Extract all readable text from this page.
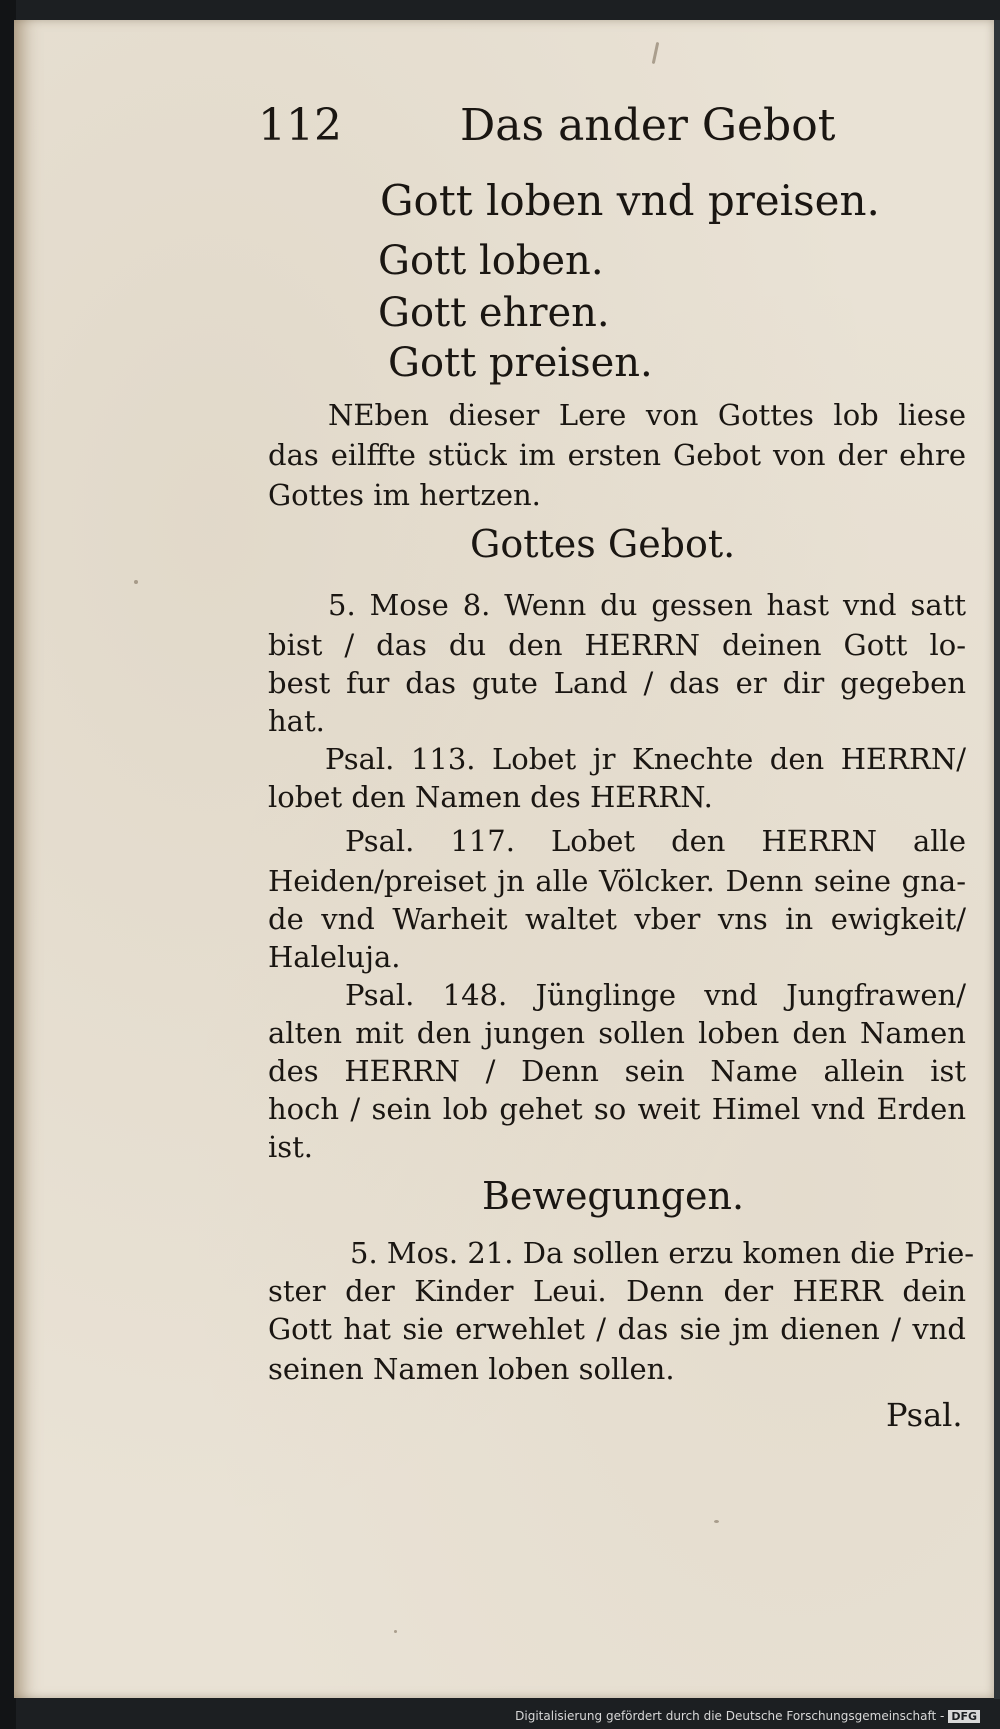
112	Das ander Gebot
Gott loben vnd preisen.
Gott loben.
Gott ehren.
Gott preisen.
NEben dieser Lere von Gottes lob liese
das eilffte stück im ersten Gebot von der ehre
Gottes im hertzen.
Gottes Gebot.
5. Mose 8. Wenn du gessen hast vnd satt
bist / das du den HERRN deinen Gott lo-
best fur das gute Land / das er dir gegeben
hat.
Psal. 113. Lobet jr Knechte den HERRN/
lobet den Namen des HERRN.
Psal. 117. Lobet den HERRN alle
Heiden/preiset jn alle Völcker. Denn seine gna-
de vnd Warheit waltet vber vns in ewigkeit/
Halelujа.
Psal. 148. Jünglinge vnd Jungfrawen/
alten mit den jungen sollen loben den Namen
des HERRN / Denn sein Name allein ist
hoch / sein lob gehet so weit Himel vnd Erden
ist.
Bewegungen.
5. Mos. 21. Da sollen erzu komen die Prie-
ster der Kinder Leui. Denn der HERR dein
Gott hat sie erwehlet / das sie jm dienen / vnd
seinen Namen loben sollen.
Psal.
Digitalisierung gefördert durch die Deutsche Forschungsgemeinschaft - DFG
